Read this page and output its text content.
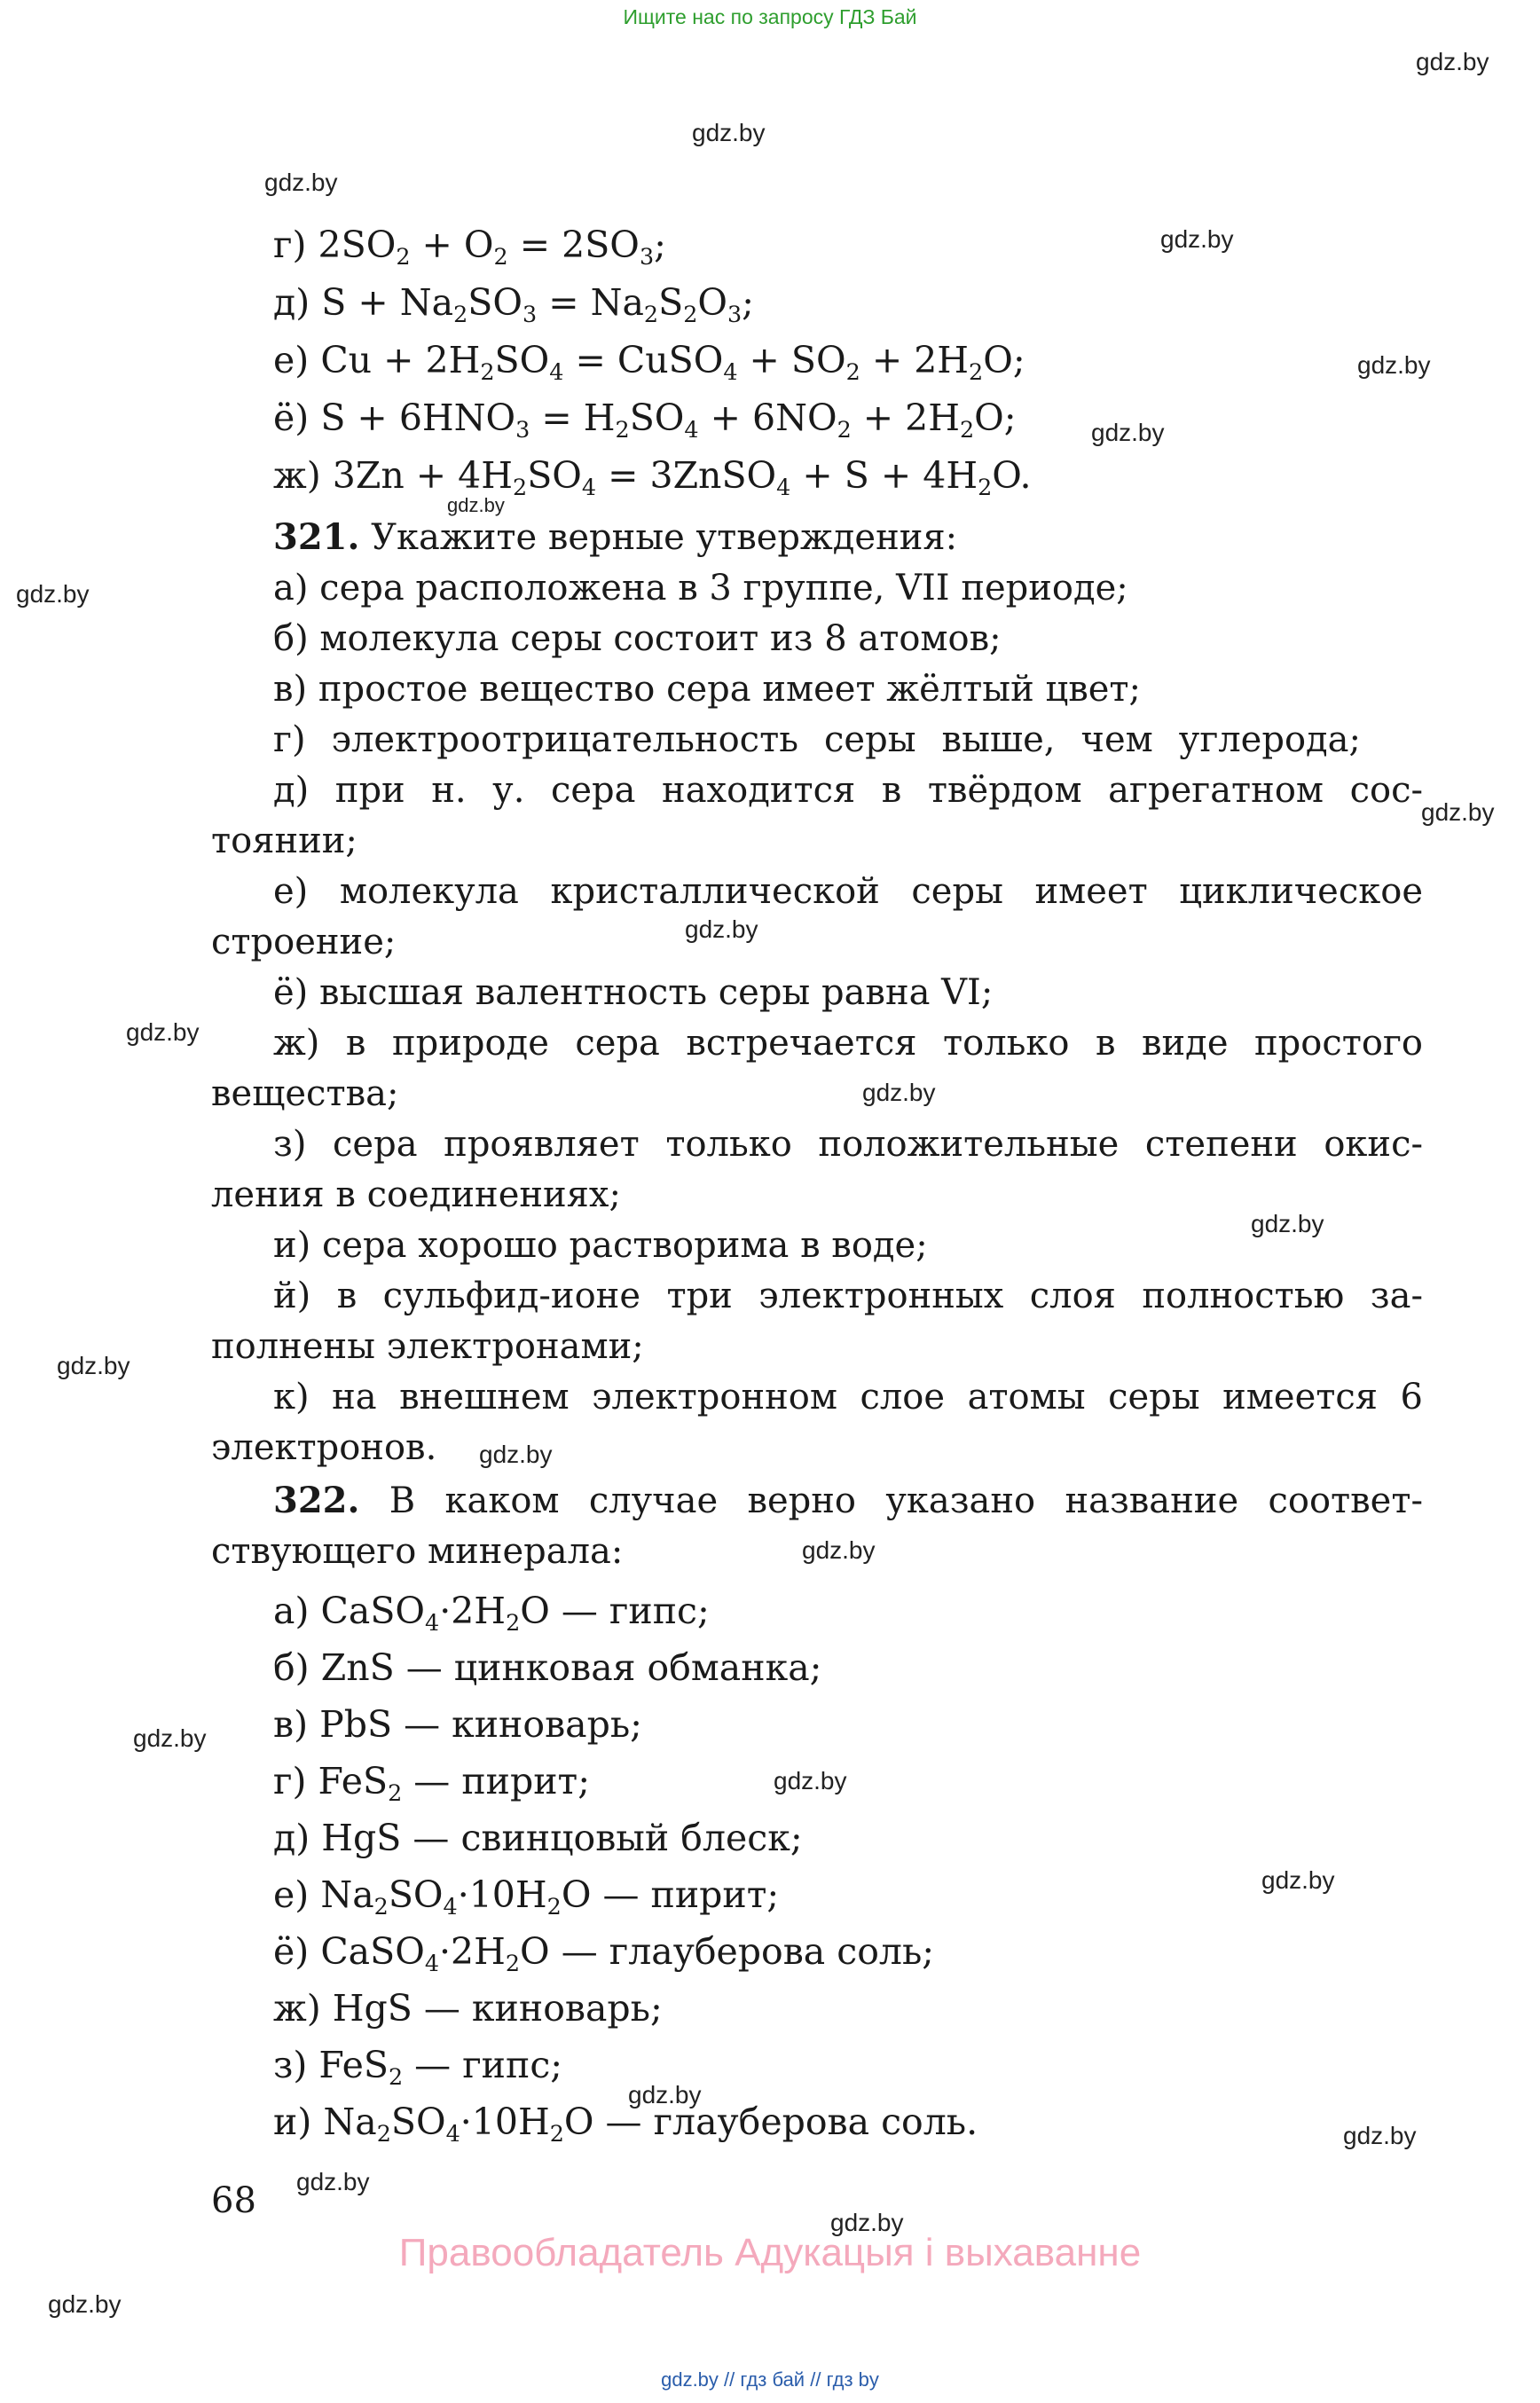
Ищите нас по запросу ГДЗ Бай
gdz.by
gdz.by
gdz.by
gdz.by
gdz.by
gdz.by
gdz.by
gdz.by
gdz.by
gdz.by
gdz.by
gdz.by
gdz.by
gdz.by
gdz.by
gdz.by
gdz.by
gdz.by
gdz.by
gdz.by
gdz.by
gdz.by
gdz.by
gdz.by
г) $2SO_2 + O_2 = 2SO_3$;
д) $S + Na_2SO_3 = Na_2S_2O_3$;
е) $Cu + 2H_2SO_4$ = CuSO$_4$ + $SO_2 + 2H_2O$;
ё) $S + 6HNO_3 = H_2SO_4 + 6NO_2 + 2H_2O$;
ж) $3Zn + 4H_2SO_4$ = 3ZnSO$_4$ + $S + 4H_2O$.
321. Укажите верные утверждения:
а) сера расположена в 3 группе, VII периоде;
б) молекула серы состоит из 8 атомов;
в) простое вещество сера имеет жёлтый цвет;
г) электроотрицательность серы выше, чем углерода;
д) при н. у. сера находится в твёрдом агрегатном сос-
тоянии;
е) молекула кристаллической серы имеет циклическое
строение;
ё) высшая валентность серы равна VI;
ж) в природе сера встречается только в виде простого
вещества;
з) сера проявляет только положительные степени окис-
ления в соединениях;
и) сера хорошо растворима в воде;
й) в сульфид-ионе три электронных слоя полностью за-
полнены электронами;
к) на внешнем электронном слое атомы серы имеется 6
электронов.
322. В каком случае верно указано название соответ-
ствующего минерала:
а) $CaSO_4\cdot 2H_2O$ — гипс;
б) ZnS — цинковая обманка;
в) PbS — киноварь;
г) FeS$_2$ — пирит;
д) HgS — свинцовый блеск;
е) $Na_2SO_4\cdot 10H_2O$ — пирит;
ё) $CaSO_4\cdot 2H_2O$ — глауберова соль;
ж) HgS — киноварь;
з) FeS$_2$ — гипс;
и) $Na_2SO_4\cdot 10H_2O$ — глауберова соль.
68
Правообладатель Адукацыя і выхаванне
gdz.by // гдз бай // гдз by
